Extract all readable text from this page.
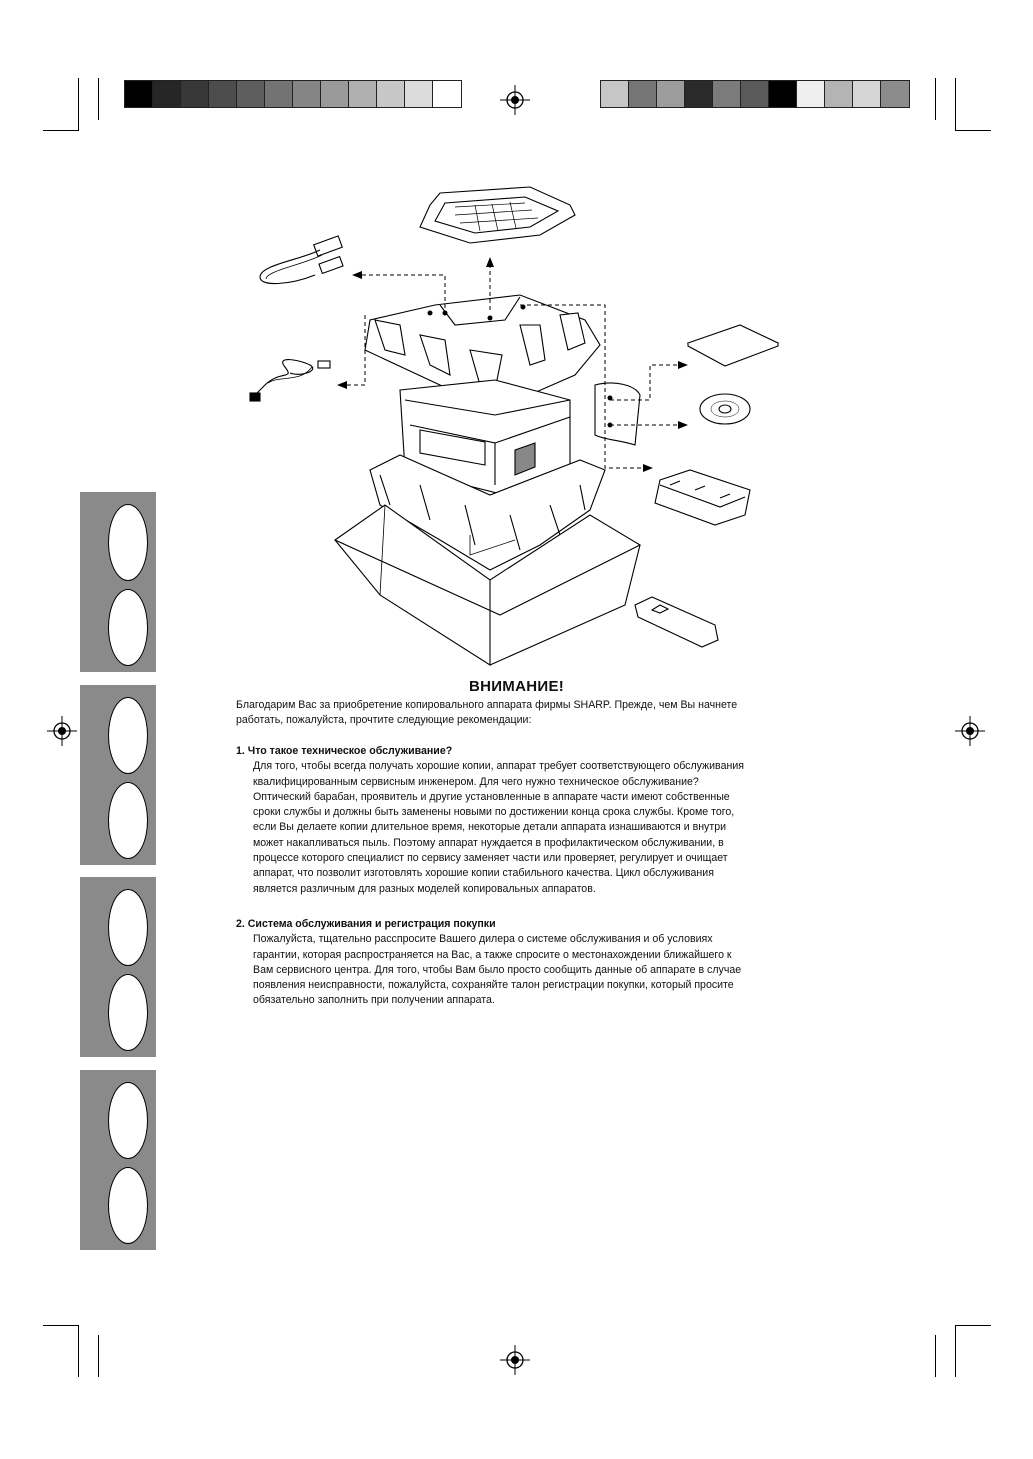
ВНИМАНИЕ!
Благодарим Вас за приобретение копировального аппарата фирмы SHARP. Прежде, чем Вы начнете
работать, пожалуйста, прочтите следующие рекомендации:
1. Что такое техническое обслуживание?
Для того, чтобы всегда получать хорошие копии, аппарат требует соответствующего обслуживания
квалифицированным сервисным инженером. Для чего нужно техническое обслуживание?
Оптический барабан, проявитель и другие установленные в аппарате части имеют собственные
сроки службы и должны быть заменены новыми по достижении конца срока службы. Кроме того,
если Вы делаете копии длительное время, некоторые детали аппарата изнашиваются и внутри
может накапливаться пыль. Поэтому аппарат нуждается в профилактическом обслуживании, в
процессе которого специалист по сервису заменяет части или проверяет, регулирует и очищает
аппарат, что позволит изготовлять хорошие копии стабильного качества. Цикл обслуживания
является различным для разных моделей копировальных аппаратов.
2. Система обслуживания и регистрация покупки
Пожалуйста, тщательно расспросите Вашего дилера о системе обслуживания и об условиях
гарантии, которая распространяется на Вас, а также спросите о местонахождении ближайшего к
Вам сервисного центра. Для того, чтобы Вам было просто сообщить данные об аппарате в случае
появления неисправности, пожалуйста, сохраняйте талон регистрации покупки, который просите
обязательно заполнить при получении аппарата.
